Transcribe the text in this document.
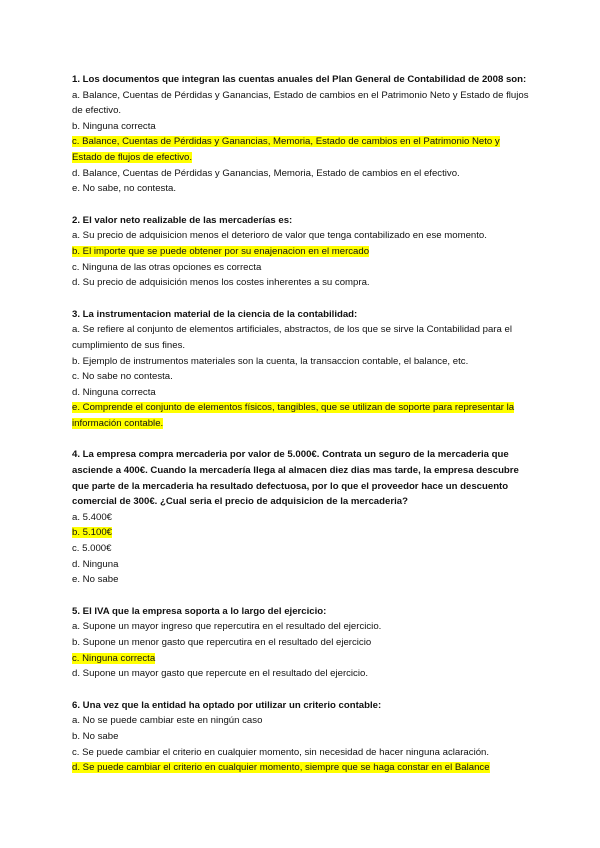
1. Los documentos que integran las cuentas anuales del Plan General de Contabilidad de 2008 son:
a. Balance, Cuentas de Pérdidas y Ganancias, Estado de cambios en el Patrimonio Neto y Estado de flujos de efectivo.
b. Ninguna correcta
c. Balance, Cuentas de Pérdidas y Ganancias, Memoria, Estado de cambios en el Patrimonio Neto y Estado de flujos de efectivo.
d. Balance, Cuentas de Pérdidas y Ganancias, Memoria, Estado de cambios en el efectivo.
e. No sabe, no contesta.
2. El valor neto realizable de las mercaderías es:
a. Su precio de adquisicion menos el deterioro de valor que tenga contabilizado en ese momento.
b. El importe que se puede obtener por su enajenacion en el mercado
c. Ninguna de las otras opciones es correcta
d. Su precio de adquisición menos los costes inherentes a su compra.
3. La instrumentacion material de la ciencia de la contabilidad:
a. Se refiere al conjunto de elementos artificiales, abstractos, de los que se sirve la Contabilidad para el cumplimiento de sus fines.
b. Ejemplo de instrumentos materiales son la cuenta, la transaccion contable, el balance, etc.
c. No sabe no contesta.
d. Ninguna correcta
e. Comprende el conjunto de elementos físicos, tangibles, que se utilizan de soporte para representar la información contable.
4. La empresa compra mercaderia por valor de 5.000€. Contrata un seguro de la mercaderia que asciende a 400€. Cuando la mercadería llega al almacen diez dias mas tarde, la empresa descubre que parte de la mercaderia ha resultado defectuosa, por lo que el proveedor hace un descuento comercial de 300€. ¿Cual seria el precio de adquisicion de la mercaderia?
a. 5.400€
b. 5.100€
c. 5.000€
d. Ninguna
e. No sabe
5. El IVA que la empresa soporta a lo largo del ejercicio:
a. Supone un mayor ingreso que repercutira en el resultado del ejercicio.
b. Supone un menor gasto que repercutira en el resultado del ejercicio
c. Ninguna correcta
d. Supone un mayor gasto que repercute en el resultado del ejercicio.
6. Una vez que la entidad ha optado por utilizar un criterio contable:
a. No se puede cambiar este en ningún caso
b. No sabe
c. Se puede cambiar el criterio en cualquier momento, sin necesidad de hacer ninguna aclaración.
d. Se puede cambiar el criterio en cualquier momento, siempre que se haga constar en el Balance
